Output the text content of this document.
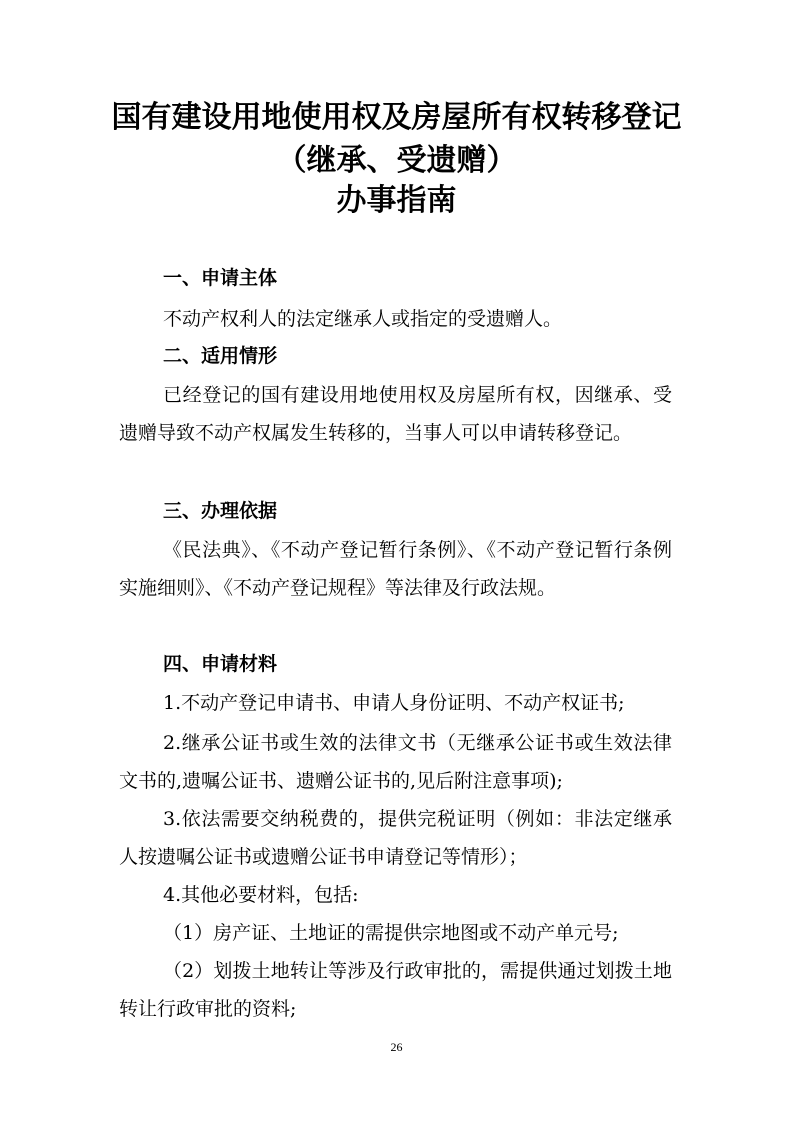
国有建设用地使用权及房屋所有权转移登记
（继承、受遗赠）
办事指南
一、申请主体
不动产权利人的法定继承人或指定的受遗赠人。
二、适用情形
已经登记的国有建设用地使用权及房屋所有权，因继承、受遗赠导致不动产权属发生转移的，当事人可以申请转移登记。
三、办理依据
《民法典》、《不动产登记暂行条例》、《不动产登记暂行条例实施细则》、《不动产登记规程》等法律及行政法规。
四、申请材料
1.不动产登记申请书、申请人身份证明、不动产权证书;
2.继承公证书或生效的法律文书（无继承公证书或生效法律文书的,遗嘱公证书、遗赠公证书的,见后附注意事项);
3.依法需要交纳税费的，提供完税证明（例如：非法定继承人按遗嘱公证书或遗赠公证书申请登记等情形）；
4.其他必要材料，包括:
（1）房产证、土地证的需提供宗地图或不动产单元号;
（2）划拨土地转让等涉及行政审批的，需提供通过划拨土地转让行政审批的资料;
26
